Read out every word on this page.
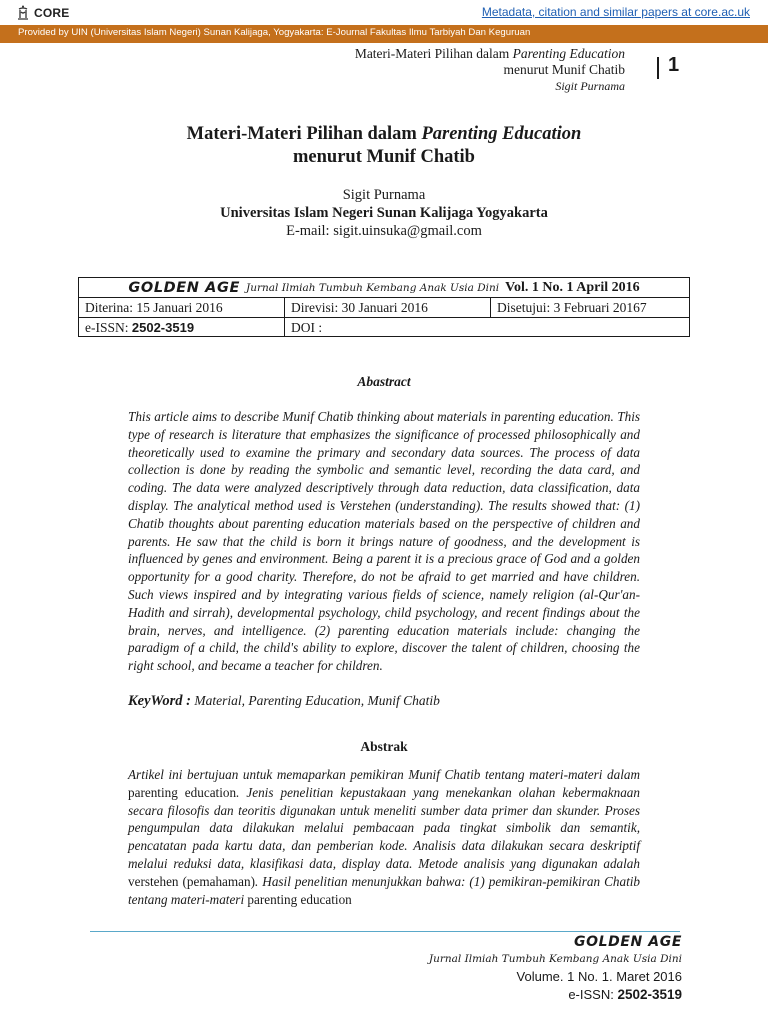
CORE	Metadata, citation and similar papers at core.ac.uk
Provided by UIN (Universitas Islam Negeri) Sunan Kalijaga, Yogyakarta: E-Journal Fakultas Ilmu Tarbiyah Dan Keguruan
Materi-Materi Pilihan dalam Parenting Education
menurut Munif Chatib
Sigit Purnama
1
Materi-Materi Pilihan dalam Parenting Education
menurut Munif Chatib
Sigit Purnama
Universitas Islam Negeri Sunan Kalijaga Yogyakarta
E-mail: sigit.uinsuka@gmail.com
GOLDEN AGE Jurnal Ilmiah Tumbuh Kembang Anak Usia Dini Vol. 1 No. 1 April 2016
Diterina: 15 Januari 2016	Direvisi: 30 Januari 2016	Disetujui: 3 Februari 20167
e-ISSN: 2502-3519	DOI :
Abastract
This article aims to describe Munif Chatib thinking about materials in parenting education. This type of research is literature that emphasizes the significance of processed philosophically and theoretically used to examine the primary and secondary data sources. The process of data collection is done by reading the symbolic and semantic level, recording the data card, and coding. The data were analyzed descriptively through data reduction, data classification, data display. The analytical method used is Verstehen (understanding). The results showed that: (1) Chatib thoughts about parenting education materials based on the perspective of children and parents. He saw that the child is born it brings nature of goodness, and the development is influenced by genes and environment. Being a parent it is a precious grace of God and a golden opportunity for a good charity. Therefore, do not be afraid to get married and have children. Such views inspired and by integrating various fields of science, namely religion (al-Qur'an-Hadith and sirrah), developmental psychology, child psychology, and recent findings about the brain, nerves, and intelligence. (2) parenting education materials include: changing the paradigm of a child, the child's ability to explore, discover the talent of children, choosing the right school, and became a teacher for children.
KeyWord : Material, Parenting Education, Munif Chatib
Abstrak
Artikel ini bertujuan untuk memaparkan pemikiran Munif Chatib tentang materi-materi dalam parenting education. Jenis penelitian kepustakaan yang menekankan olahan kebermaknaan secara filosofis dan teoritis digunakan untuk meneliti sumber data primer dan skunder. Proses pengumpulan data dilakukan melalui pembacaan pada tingkat simbolik dan semantik, pencatatan pada kartu data, dan pemberian kode. Analisis data dilakukan secara deskriptif melalui reduksi data, klasifikasi data, display data. Metode analisis yang digunakan adalah verstehen (pemahaman). Hasil penelitian menunjukkan bahwa: (1) pemikiran-pemikiran Chatib tentang materi-materi parenting education
GOLDEN AGE
Jurnal Ilmiah Tumbuh Kembang Anak Usia Dini
Volume. 1 No. 1. Maret 2016
e-ISSN: 2502-3519
